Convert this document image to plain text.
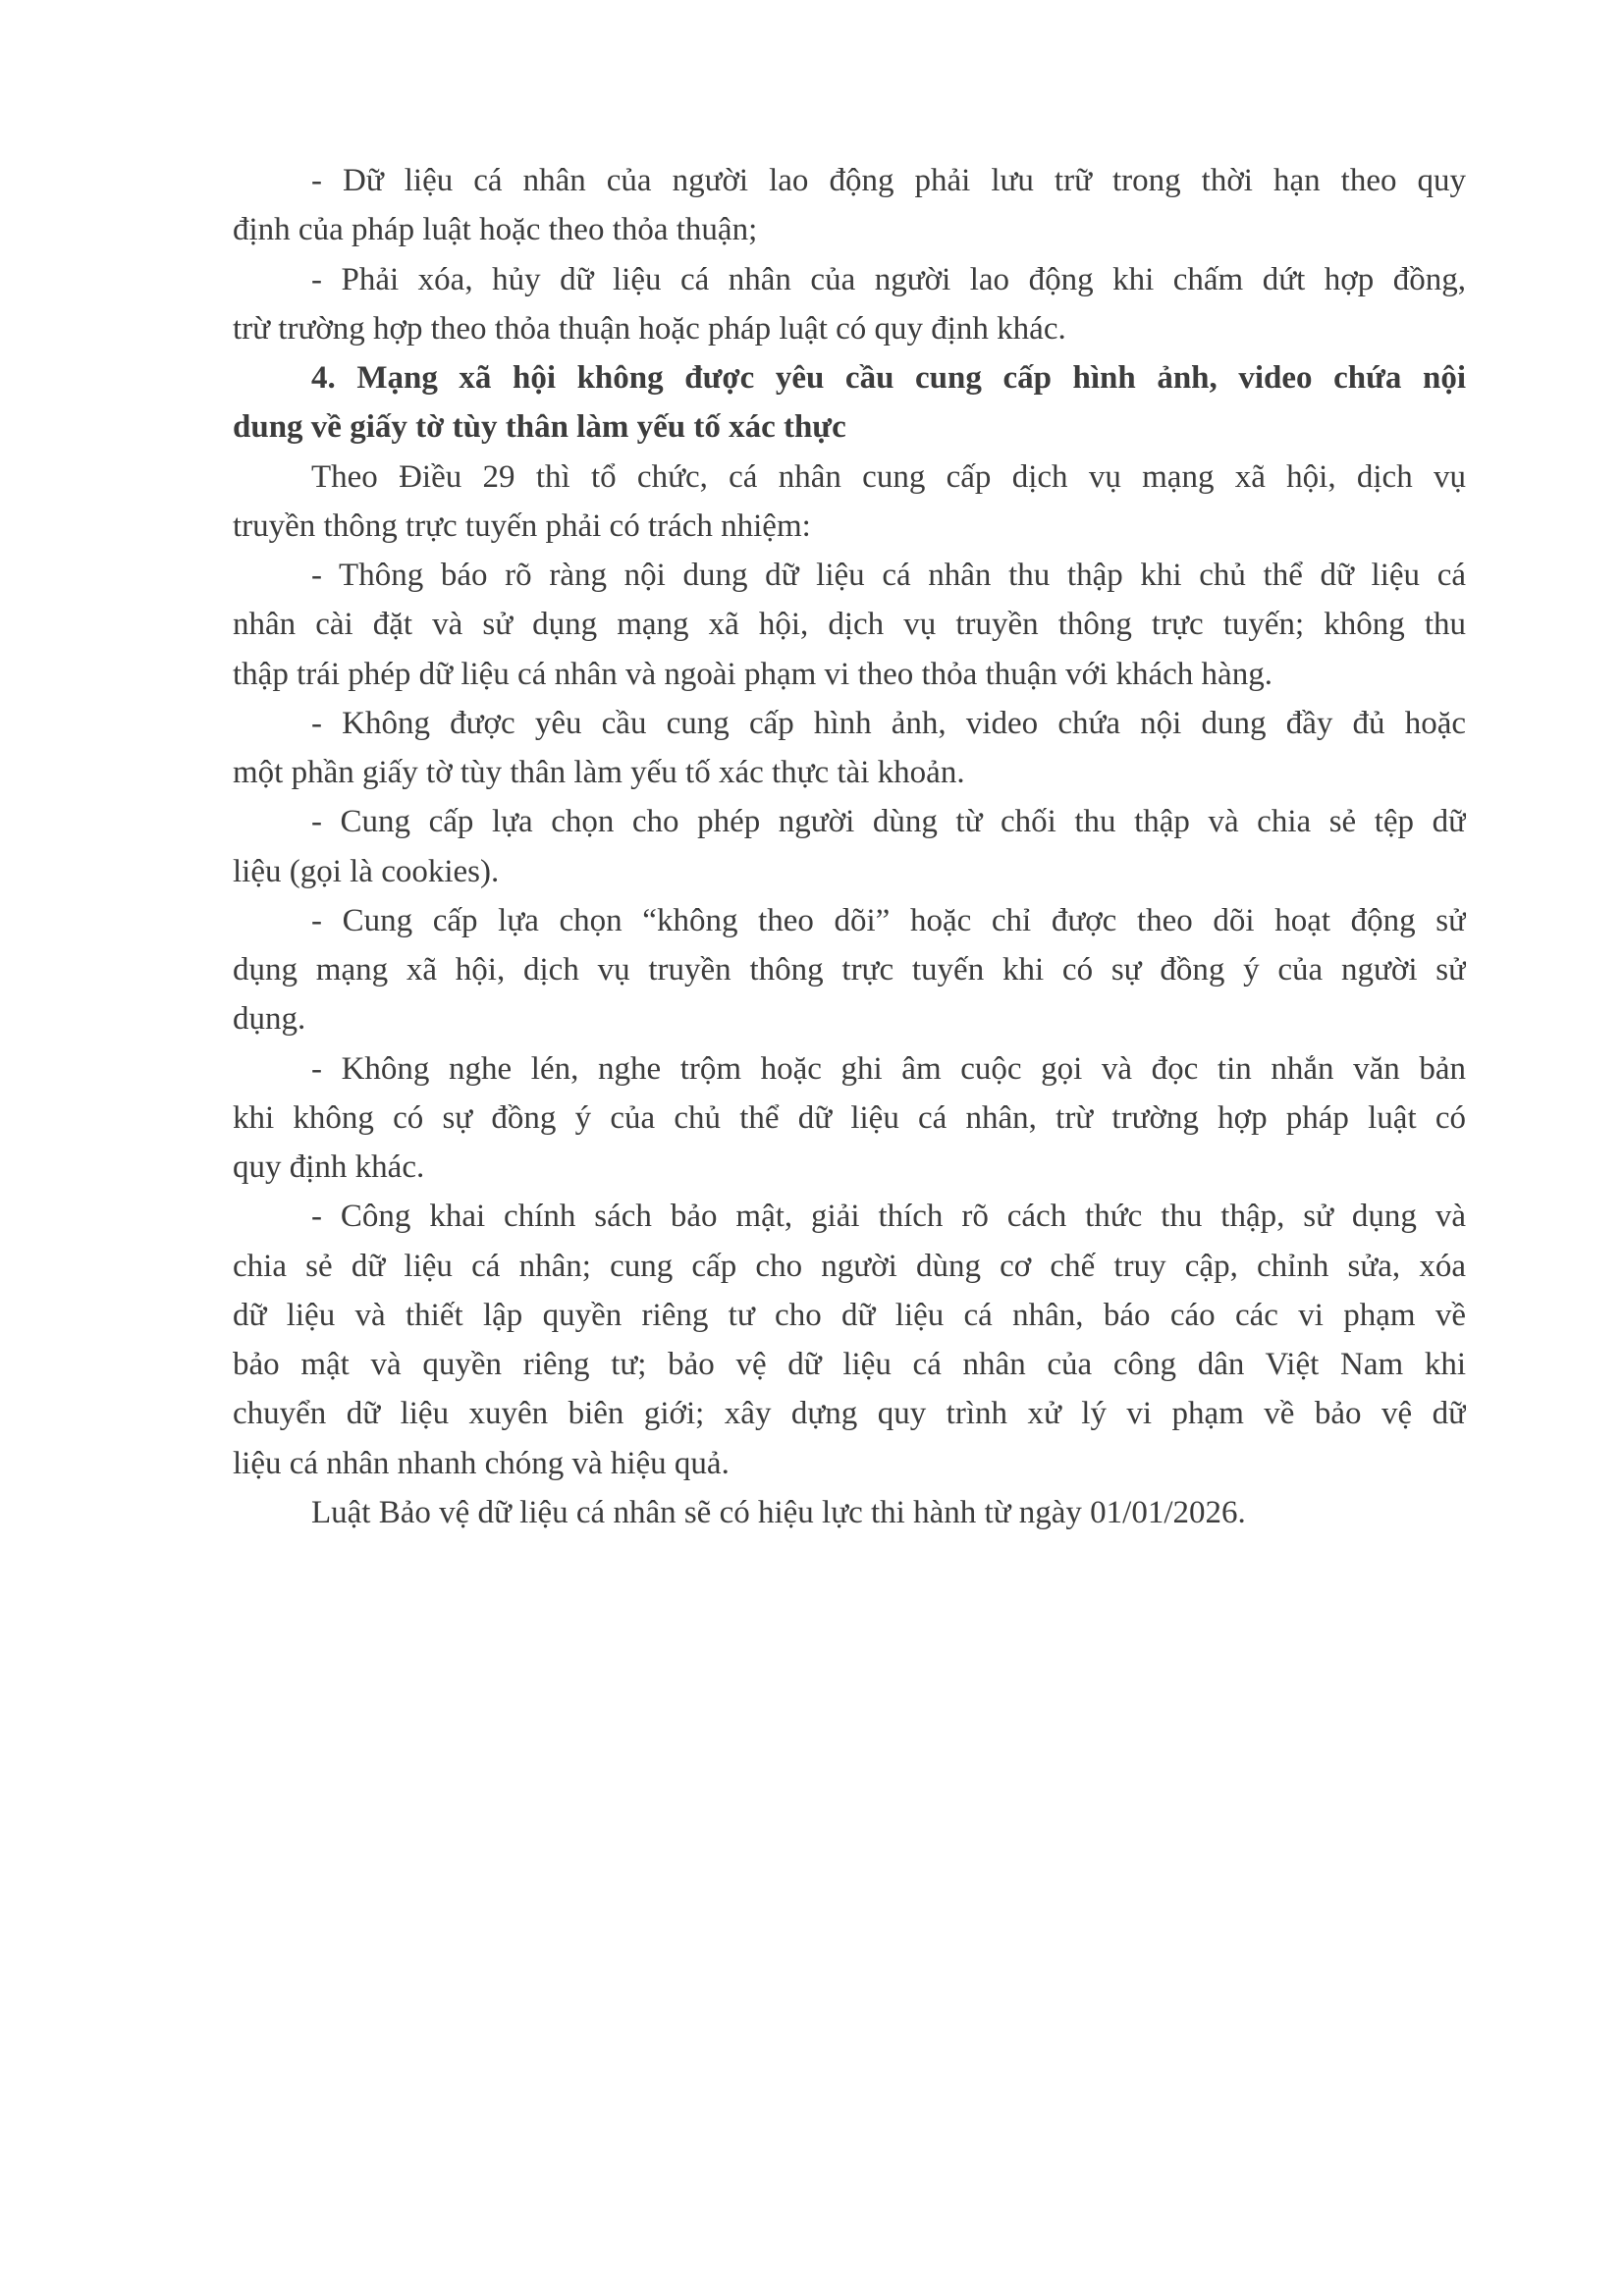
- Dữ liệu cá nhân của người lao động phải lưu trữ trong thời hạn theo quy
định của pháp luật hoặc theo thỏa thuận;

- Phải xóa, hủy dữ liệu cá nhân của người lao động khi chấm dứt hợp đồng,
trừ trường hợp theo thỏa thuận hoặc pháp luật có quy định khác.

4. Mạng xã hội không được yêu cầu cung cấp hình ảnh, video chứa nội
dung về giấy tờ tùy thân làm yếu tố xác thực

Theo Điều 29 thì tổ chức, cá nhân cung cấp dịch vụ mạng xã hội, dịch vụ
truyền thông trực tuyến phải có trách nhiệm:

- Thông báo rõ ràng nội dung dữ liệu cá nhân thu thập khi chủ thể dữ liệu cá
nhân cài đặt và sử dụng mạng xã hội, dịch vụ truyền thông trực tuyến; không thu
thập trái phép dữ liệu cá nhân và ngoài phạm vi theo thỏa thuận với khách hàng.

- Không được yêu cầu cung cấp hình ảnh, video chứa nội dung đầy đủ hoặc
một phần giấy tờ tùy thân làm yếu tố xác thực tài khoản.

- Cung cấp lựa chọn cho phép người dùng từ chối thu thập và chia sẻ tệp dữ
liệu (gọi là cookies).

- Cung cấp lựa chọn “không theo dõi” hoặc chỉ được theo dõi hoạt động sử
dụng mạng xã hội, dịch vụ truyền thông trực tuyến khi có sự đồng ý của người sử
dụng.

- Không nghe lén, nghe trộm hoặc ghi âm cuộc gọi và đọc tin nhắn văn bản
khi không có sự đồng ý của chủ thể dữ liệu cá nhân, trừ trường hợp pháp luật có
quy định khác.

- Công khai chính sách bảo mật, giải thích rõ cách thức thu thập, sử dụng và
chia sẻ dữ liệu cá nhân; cung cấp cho người dùng cơ chế truy cập, chỉnh sửa, xóa
dữ liệu và thiết lập quyền riêng tư cho dữ liệu cá nhân, báo cáo các vi phạm về
bảo mật và quyền riêng tư; bảo vệ dữ liệu cá nhân của công dân Việt Nam khi
chuyển dữ liệu xuyên biên giới; xây dựng quy trình xử lý vi phạm về bảo vệ dữ
liệu cá nhân nhanh chóng và hiệu quả.

Luật Bảo vệ dữ liệu cá nhân sẽ có hiệu lực thi hành từ ngày 01/01/2026.
